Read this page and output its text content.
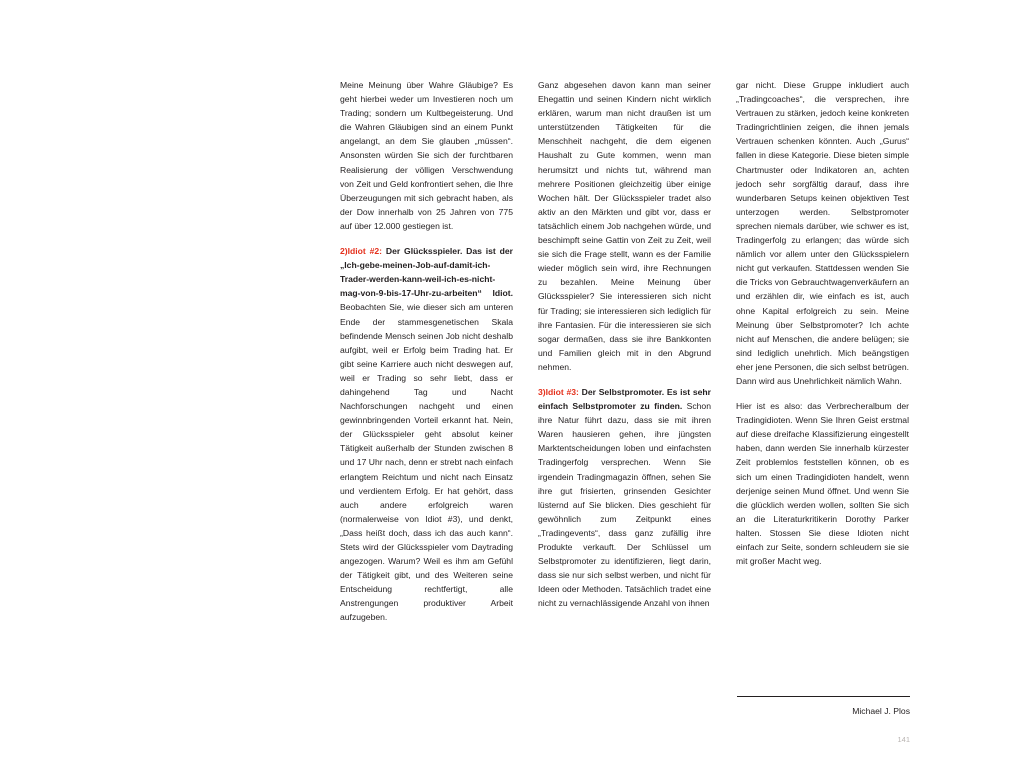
Meine Meinung über Wahre Gläubige? Es geht hierbei weder um Investieren noch um Trading; sondern um Kultbegeisterung. Und die Wahren Gläubigen sind an einem Punkt angelangt, an dem Sie glauben „müssen“. Ansonsten würden Sie sich der furchtbaren Realisierung der völligen Verschwendung von Zeit und Geld konfrontiert sehen, die Ihre Überzeugungen mit sich gebracht haben, als der Dow innerhalb von 25 Jahren von 775 auf über 12.000 gestiegen ist.

2)Idiot #2: Der Glücksspieler. Das ist der „Ich-gebe-meinen-Job-auf-damit-ich-Trader-werden-kann-weil-ich-es-nicht-mag-von-9-bis-17-Uhr-zu-arbeiten“ Idiot. Beobachten Sie, wie dieser sich am unteren Ende der stammesgenetischen Skala befindende Mensch seinen Job nicht deshalb aufgibt, weil er Erfolg beim Trading hat. Er gibt seine Karriere auch nicht deswegen auf, weil er Trading so sehr liebt, dass er dahingehend Tag und Nacht Nachforschungen nachgeht und einen gewinnbringenden Vorteil erkannt hat. Nein, der Glücksspieler geht absolut keiner Tätigkeit außerhalb der Stunden zwischen 8 und 17 Uhr nach, denn er strebt nach einfach erlangtem Reichtum und nicht nach Einsatz und verdientem Erfolg. Er hat gehört, dass auch andere erfolgreich waren (normalerweise von Idiot #3), und denkt, „Dass heißt doch, dass ich das auch kann“. Stets wird der Glücksspieler vom Daytrading angezogen. Warum? Weil es ihm am Gefühl der Tätigkeit gibt, und des Weiteren seine Entscheidung rechtfertigt, alle Anstrengungen produktiver Arbeit aufzugeben.

Ganz abgesehen davon kann man seiner Ehegattin und seinen Kindern nicht wirklich erklären, warum man nicht draußen ist um unterstützenden Tätigkeiten für die Menschheit nachgeht, die dem eigenen Haushalt zu Gute kommen, wenn man herumsitzt und nichts tut, während man mehrere Positionen gleichzeitig über einige Wochen hält. Der Glücksspieler tradet also aktiv an den Märkten und gibt vor, dass er tatsächlich einem Job nachgehen würde, und beschimpft seine Gattin von Zeit zu Zeit, weil sie sich die Frage stellt, wann es der Familie wieder möglich sein wird, ihre Rechnungen zu bezahlen. Meine Meinung über Glücksspieler? Sie interessieren sich nicht für Trading; sie interessieren sich lediglich für ihre Fantasien. Für die interessieren sie sich sogar dermaßen, dass sie ihre Bankkonten und Familien gleich mit in den Abgrund nehmen.

3)Idiot #3: Der Selbstpromoter. Es ist sehr einfach Selbstpromoter zu finden. Schon ihre Natur führt dazu, dass sie mit ihren Waren hausieren gehen, ihre jüngsten Marktentscheidungen loben und einfachsten Tradingerfolg versprechen. Wenn Sie irgendein Tradingmagazin öffnen, sehen Sie ihre gut frisierten, grinsenden Gesichter lüsternd auf Sie blicken. Dies geschieht für gewöhnlich zum Zeitpunkt eines „Tradingevents“, dass ganz zufällig ihre Produkte verkauft. Der Schlüssel um Selbstpromoter zu identifizieren, liegt darin, dass sie nur sich selbst werben, und nicht für Ideen oder Methoden. Tatsächlich tradet eine nicht zu vernachlässigende Anzahl von ihnen

gar nicht. Diese Gruppe inkludiert auch „Tradingcoaches“, die versprechen, ihre Vertrauen zu stärken, jedoch keine konkreten Tradingrichtlinien zeigen, die ihnen jemals Vertrauen schenken könnten. Auch „Gurus“ fallen in diese Kategorie. Diese bieten simple Chartmuster oder Indikatoren an, achten jedoch sehr sorgfältig darauf, dass ihre wunderbaren Setups keinen objektiven Test unterzogen werden. Selbstpromoter sprechen niemals darüber, wie schwer es ist, Tradingerfolg zu erlangen; das würde sich nämlich vor allem unter den Glücksspielern nicht gut verkaufen. Stattdessen wenden Sie die Tricks von Gebrauchtwagenverkäufern an und erzählen dir, wie einfach es ist, auch ohne Kapital erfolgreich zu sein. Meine Meinung über Selbstpromoter? Ich achte nicht auf Menschen, die andere belügen; sie sind lediglich unehrlich. Mich beängstigen eher jene Personen, die sich selbst betrügen. Dann wird aus Unehrlichkeit nämlich Wahn.

Hier ist es also: das Verbrecheralbum der Tradingidioten. Wenn Sie Ihren Geist erstmal auf diese dreifache Klassifizierung eingestellt haben, dann werden Sie innerhalb kürzester Zeit problemlos feststellen können, ob es sich um einen Tradingidioten handelt, wenn derjenige seinen Mund öffnet. Und wenn Sie die glücklich werden wollen, sollten Sie sich an die Literaturkritikerin Dorothy Parker halten. Stossen Sie diese Idioten nicht einfach zur Seite, sondern schleudern sie sie mit großer Macht weg.

Michael J. Plos
141
